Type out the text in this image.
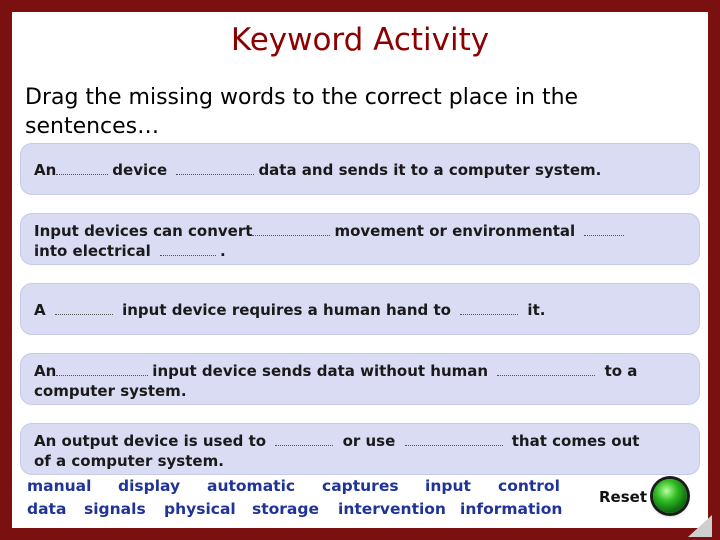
Keyword Activity
Drag the missing words to the correct place in the sentences…
An	device	data and sends it to a computer system.
Input devices can convert	movement or environmental  into electrical	.
A	input device requires a human hand to	it.
An	input device sends data without human	to a computer system.
An output device is used to	or use	that comes out of a computer system.
manual display automatic captures input control
data signals physical storage intervention information
Reset
